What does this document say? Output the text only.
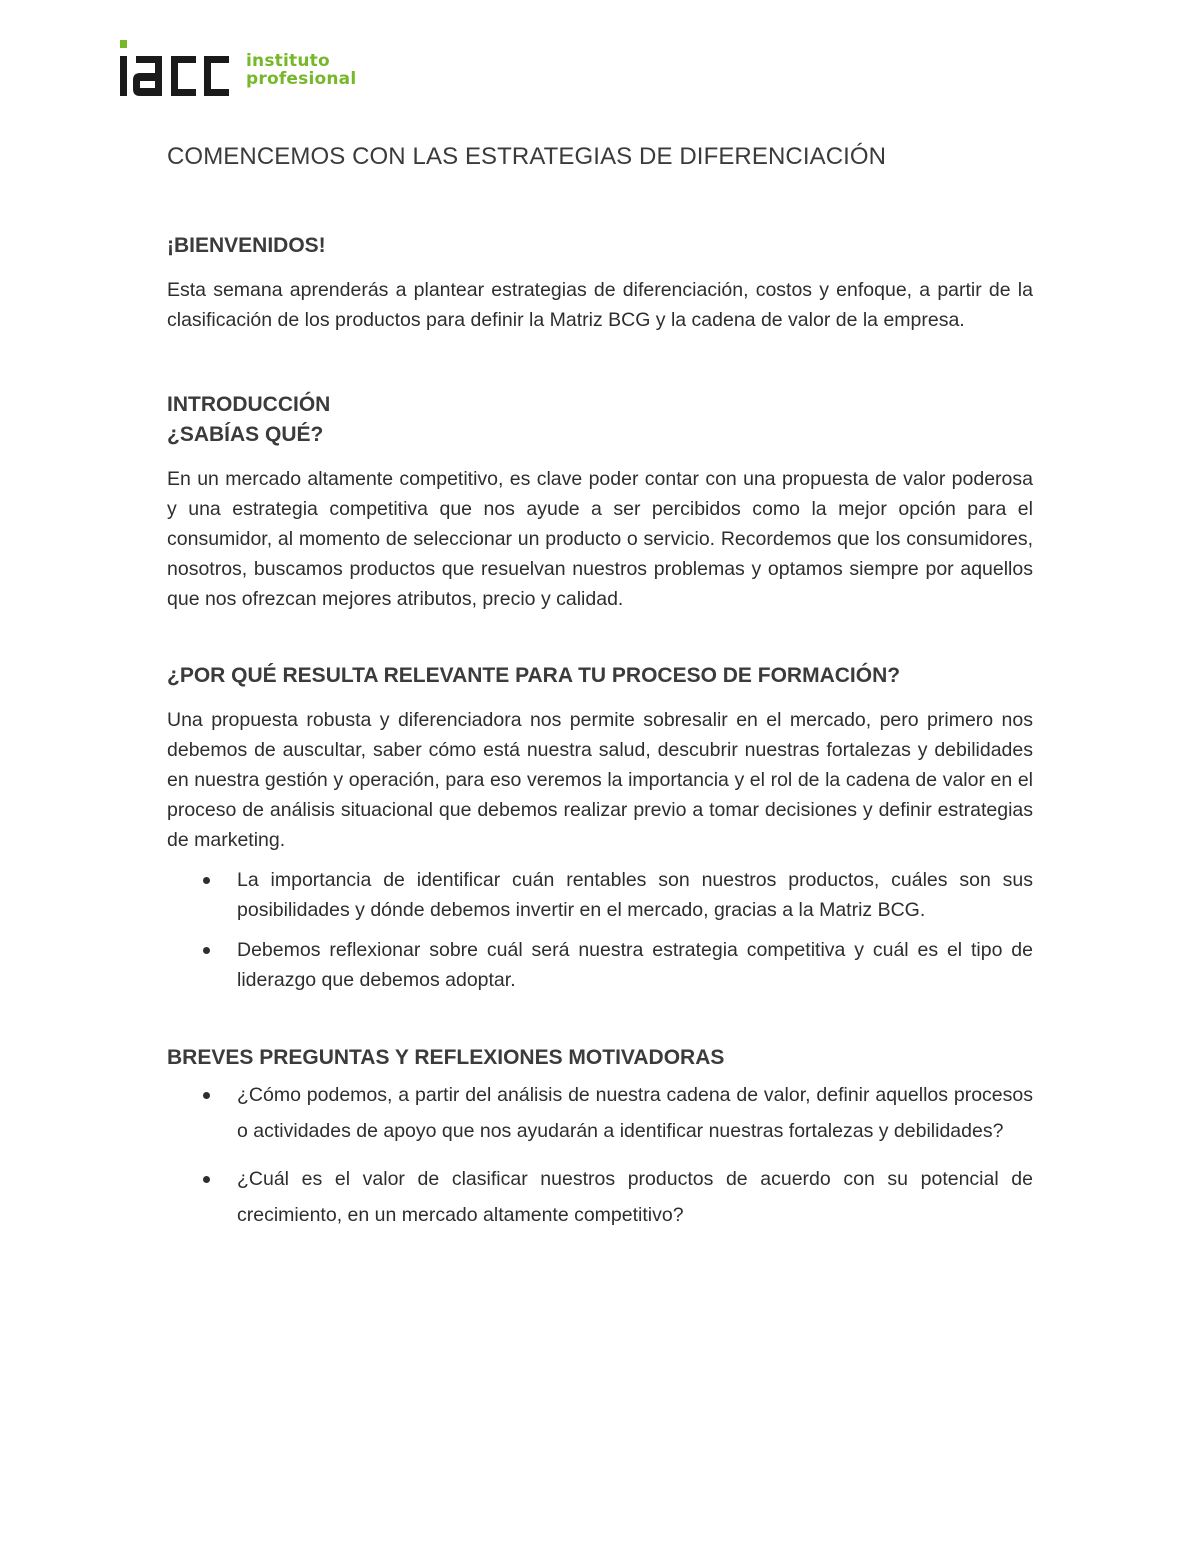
instituto
profesional
COMENCEMOS CON LAS ESTRATEGIAS DE DIFERENCIACIÓN
¡BIENVENIDOS!

Esta semana aprenderás a plantear estrategias de diferenciación, costos y enfoque, a partir de la clasificación de los productos para definir la Matriz BCG y la cadena de valor de la empresa.

INTRODUCCIÓN
¿SABÍAS QUÉ?

En un mercado altamente competitivo, es clave poder contar con una propuesta de valor poderosa y una estrategia competitiva que nos ayude a ser percibidos como la mejor opción para el consumidor, al momento de seleccionar un producto o servicio. Recordemos que los consumidores, nosotros, buscamos productos que resuelvan nuestros problemas y optamos siempre por aquellos que nos ofrezcan mejores atributos, precio y calidad.

¿POR QUÉ RESULTA RELEVANTE PARA TU PROCESO DE FORMACIÓN?

Una propuesta robusta y diferenciadora nos permite sobresalir en el mercado, pero primero nos debemos de auscultar, saber cómo está nuestra salud, descubrir nuestras fortalezas y debilidades en nuestra gestión y operación, para eso veremos la importancia y el rol de la cadena de valor en el proceso de análisis situacional que debemos realizar previo a tomar decisiones y definir estrategias de marketing.

La importancia de identificar cuán rentables son nuestros productos, cuáles son sus posibilidades y dónde debemos invertir en el mercado, gracias a la Matriz BCG.
Debemos reflexionar sobre cuál será nuestra estrategia competitiva y cuál es el tipo de liderazgo que debemos adoptar.
BREVES PREGUNTAS Y REFLEXIONES MOTIVADORAS
¿Cómo podemos, a partir del análisis de nuestra cadena de valor, definir aquellos procesos o actividades de apoyo que nos ayudarán a identificar nuestras fortalezas y debilidades?
¿Cuál es el valor de clasificar nuestros productos de acuerdo con su potencial de crecimiento, en un mercado altamente competitivo?
